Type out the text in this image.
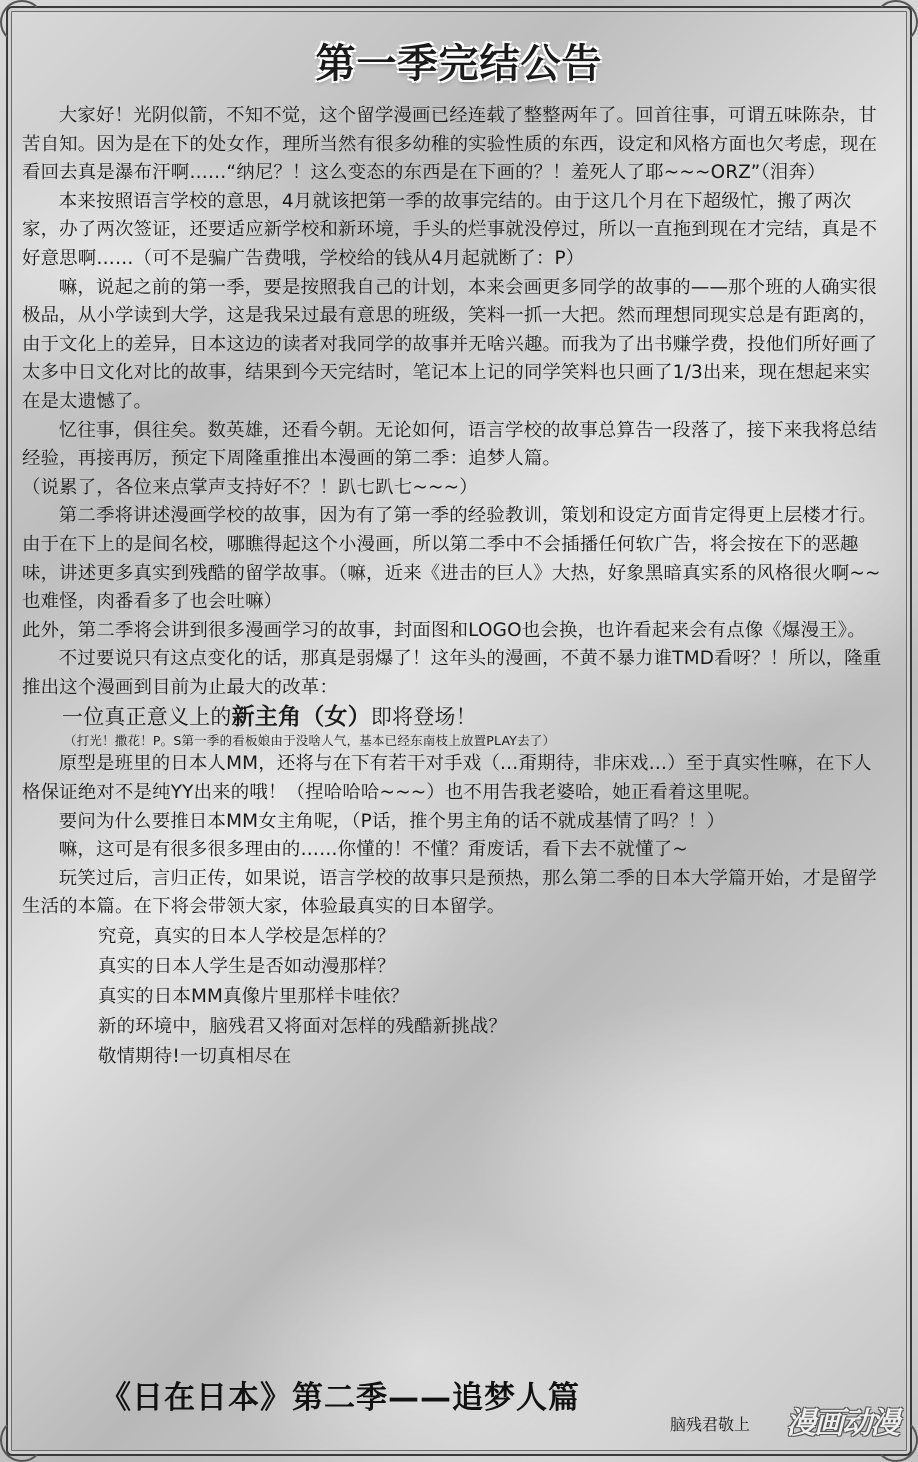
第一季完结公告

大家好！光阴似箭，不知不觉，这个留学漫画已经连载了整整两年了。回首往事，可谓五味陈杂，甘苦自知。因为是在下的处女作，理所当然有很多幼稚的实验性质的东西，设定和风格方面也欠考虑，现在看回去真是瀑布汗啊……“纳尼？！这么变态的东西是在下画的？！羞死人了耶~~~ORZ”（泪奔）

本来按照语言学校的意思，4月就该把第一季的故事完结的。由于这几个月在下超级忙，搬了两次家，办了两次签证，还要适应新学校和新环境，手头的烂事就没停过，所以一直拖到现在才完结，真是不好意思啊……（可不是骗广告费哦，学校给的钱从4月起就断了：P）

嘛，说起之前的第一季，要是按照我自己的计划，本来会画更多同学的故事的——那个班的人确实很极品，从小学读到大学，这是我呆过最有意思的班级，笑料一抓一大把。然而理想同现实总是有距离的，由于文化上的差异，日本这边的读者对我同学的故事并无啥兴趣。而我为了出书赚学费，投他们所好画了太多中日文化对比的故事，结果到今天完结时，笔记本上记的同学笑料也只画了1/3出来，现在想起来实在是太遗憾了。

忆往事，俱往矣。数英雄，还看今朝。无论如何，语言学校的故事总算告一段落了，接下来我将总结经验，再接再厉，预定下周隆重推出本漫画的第二季：追梦人篇。

（说累了，各位来点掌声支持好不？！趴七趴七~~~）

第二季将讲述漫画学校的故事，因为有了第一季的经验教训，策划和设定方面肯定得更上层楼才行。由于在下上的是间名校，哪瞧得起这个小漫画，所以第二季中不会插播任何软广告，将会按在下的恶趣味，讲述更多真实到残酷的留学故事。（嘛，近来《进击的巨人》大热，好象黑暗真实系的风格很火啊~~也难怪，肉番看多了也会吐嘛）

此外，第二季将会讲到很多漫画学习的故事，封面图和LOGO也会换，也许看起来会有点像《爆漫王》。

不过要说只有这点变化的话，那真是弱爆了！这年头的漫画，不黄不暴力谁TMD看呀？！所以，隆重推出这个漫画到目前为止最大的改革：

一位真正意义上的新主角（女）即将登场！

（打光！撒花！P。S第一季的看板娘由于没啥人气，基本已经东南枝上放置PLAY去了）

原型是班里的日本人MM，还将与在下有若干对手戏（…甭期待，非床戏…）至于真实性嘛，在下人格保证绝对不是纯YY出来的哦！（捏哈哈哈~~~）也不用告我老婆哈，她正看着这里呢。

要问为什么要推日本MM女主角呢，（P话，推个男主角的话不就成基情了吗？！）

嘛，这可是有很多很多理由的……你懂的！不懂？甭废话，看下去不就懂了~

玩笑过后，言归正传，如果说，语言学校的故事只是预热，那么第二季的日本大学篇开始，才是留学生活的本篇。在下将会带领大家，体验最真实的日本留学。

究竟，真实的日本人学校是怎样的？

真实的日本人学生是否如动漫那样？

真实的日本MM真像片里那样卡哇依？

新的环境中，脑残君又将面对怎样的残酷新挑战？

敬情期待!一切真相尽在

《日在日本》第二季——追梦人篇
脑残君敬上 漫画动漫
